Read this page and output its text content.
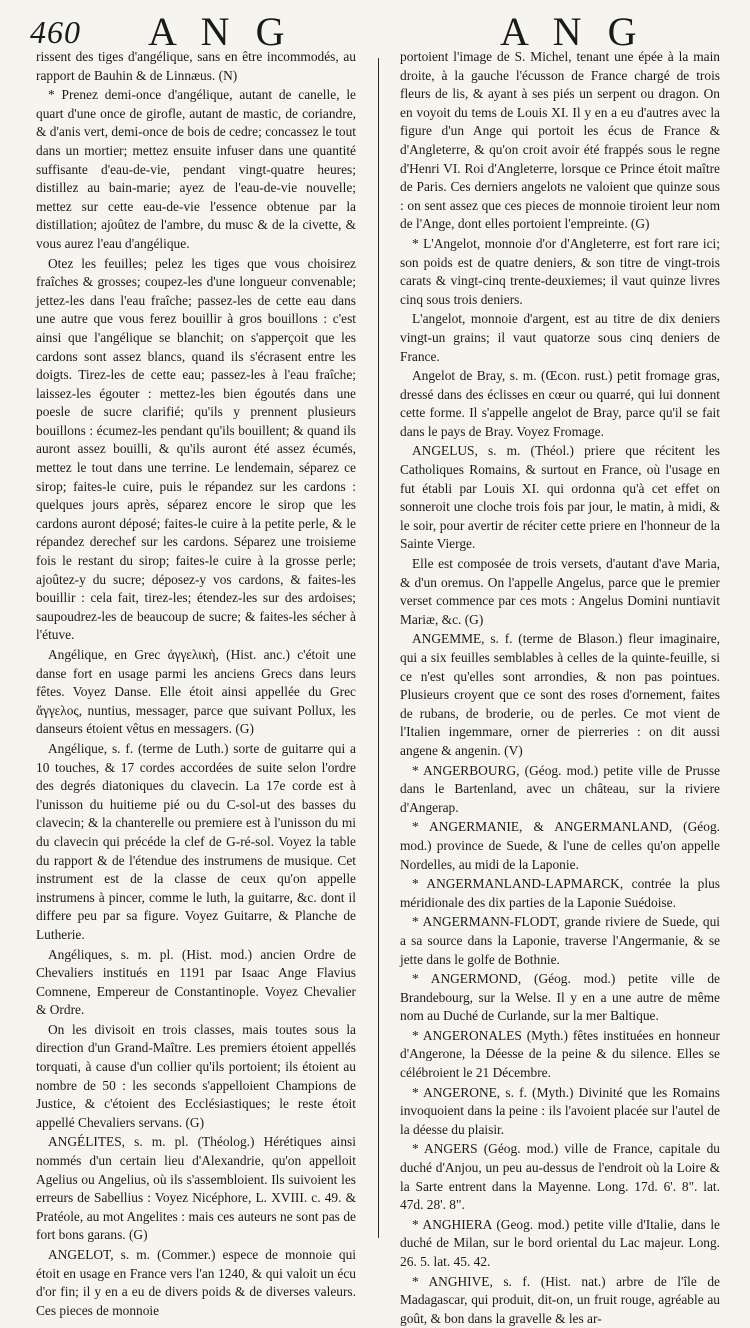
460 A N G	A N G

rissent des tiges d'angélique, sans en être incommodés, au rapport de Bauhin & de Linnæus. (N)

* Prenez demi-once d'angélique, autant de canelle, le quart d'une once de girofle, autant de mastic, de coriandre, & d'anis vert, demi-once de bois de cedre; concassez le tout dans un mortier; mettez ensuite infuser dans une quantité suffisante d'eau-de-vie, pendant vingt-quatre heures; distillez au bain-marie; ayez de l'eau-de-vie nouvelle; mettez sur cette eau-de-vie l'essence obtenue par la distillation; ajoûtez de l'ambre, du musc & de la civette, & vous aurez l'eau d'angélique.

Otez les feuilles; pelez les tiges que vous choisirez fraîches & grosses; coupez-les d'une longueur convenable; jettez-les dans l'eau fraîche; passez-les de cette eau dans une autre que vous ferez bouillir à gros bouillons : c'est ainsi que l'angélique se blanchit; on s'apperçoit que les cardons sont assez blancs, quand ils s'écrasent entre les doigts. Tirez-les de cette eau; passez-les à l'eau fraîche; laissez-les égouter : mettez-les bien égoutés dans une poesle de sucre clarifié; qu'ils y prennent plusieurs bouillons : écumez-les pendant qu'ils bouillent; & quand ils auront assez bouilli, & qu'ils auront été assez écumés, mettez le tout dans une terrine. Le lendemain, séparez ce sirop; faites-le cuire, puis le répandez sur les cardons : quelques jours après, séparez encore le sirop que les cardons auront déposé; faites-le cuire à la petite perle, & le répandez derechef sur les cardons. Séparez une troisieme fois le restant du sirop; faites-le cuire à la grosse perle; ajoûtez-y du sucre; déposez-y vos cardons, & faites-les bouillir : cela fait, tirez-les; étendez-les sur des ardoises; saupoudrez-les de beaucoup de sucre; & faites-les sécher à l'étuve.

Angélique, en Grec ἀγγελικὴ, (Hist. anc.) c'étoit une danse fort en usage parmi les anciens Grecs dans leurs fêtes. Voyez Danse. Elle étoit ainsi appellée du Grec ἄγγελος, nuntius, messager, parce que suivant Pollux, les danseurs étoient vêtus en messagers. (G)

Angélique, s. f. (terme de Luth.) sorte de guitarre qui a 10 touches, & 17 cordes accordées de suite selon l'ordre des degrés diatoniques du clavecin. La 17e corde est à l'unisson du huitieme pié ou du C-sol-ut des basses du clavecin; & la chanterelle ou premiere est à l'unisson du mi du clavecin qui précéde la clef de G-ré-sol. Voyez la table du rapport & de l'étendue des instrumens de musique. Cet instrument est de la classe de ceux qu'on appelle instrumens à pincer, comme le luth, la guitarre, &c. dont il differe peu par sa figure. Voyez Guitarre, & Planche de Lutherie.

Angéliques, s. m. pl. (Hist. mod.) ancien Ordre de Chevaliers institués en 1191 par Isaac Ange Flavius Comnene, Empereur de Constantinople. Voyez Chevalier & Ordre.

On les divisoit en trois classes, mais toutes sous la direction d'un Grand-Maître. Les premiers étoient appellés torquati, à cause d'un collier qu'ils portoient; ils étoient au nombre de 50 : les seconds s'appelloient Champions de Justice, & c'étoient des Ecclésiastiques; le reste étoit appellé Chevaliers servans. (G)

ANGÉLITES, s. m. pl. (Théolog.) Hérétiques ainsi nommés d'un certain lieu d'Alexandrie, qu'on appelloit Agelius ou Angelius, où ils s'assembloient. Ils suivoient les erreurs de Sabellius : Voyez Nicéphore, L. XVIII. c. 49. & Pratéole, au mot Angelites : mais ces auteurs ne sont pas de fort bons garans. (G)

ANGELOT, s. m. (Commer.) espece de monnoie qui étoit en usage en France vers l'an 1240, & qui valoit un écu d'or fin; il y en a eu de divers poids & de diverses valeurs. Ces pieces de monnoie

portoient l'image de S. Michel, tenant une épée à la main droite, à la gauche l'écusson de France chargé de trois fleurs de lis, & ayant à ses piés un serpent ou dragon. On en voyoit du tems de Louis XI. Il y en a eu d'autres avec la figure d'un Ange qui portoit les écus de France & d'Angleterre, & qu'on croit avoir été frappés sous le regne d'Henri VI. Roi d'Angleterre, lorsque ce Prince étoit maître de Paris. Ces derniers angelots ne valoient que quinze sous : on sent assez que ces pieces de monnoie tiroient leur nom de l'Ange, dont elles portoient l'empreinte. (G)

* L'Angelot, monnoie d'or d'Angleterre, est fort rare ici; son poids est de quatre deniers, & son titre de vingt-trois carats & vingt-cinq trente-deuxiemes; il vaut quinze livres cinq sous trois deniers.

L'angelot, monnoie d'argent, est au titre de dix deniers vingt-un grains; il vaut quatorze sous cinq deniers de France.

Angelot de Bray, s. m. (Œcon. rust.) petit fromage gras, dressé dans des éclisses en cœur ou quarré, qui lui donnent cette forme. Il s'appelle angelot de Bray, parce qu'il se fait dans le pays de Bray. Voyez Fromage.

ANGELUS, s. m. (Théol.) priere que récitent les Catholiques Romains, & surtout en France, où l'usage en fut établi par Louis XI. qui ordonna qu'à cet effet on sonneroit une cloche trois fois par jour, le matin, à midi, & le soir, pour avertir de réciter cette priere en l'honneur de la Sainte Vierge.

Elle est composée de trois versets, d'autant d'ave Maria, & d'un oremus. On l'appelle Angelus, parce que le premier verset commence par ces mots : Angelus Domini nuntiavit Mariæ, &c. (G)

ANGEMME, s. f. (terme de Blason.) fleur imaginaire, qui a six feuilles semblables à celles de la quinte-feuille, si ce n'est qu'elles sont arrondies, & non pas pointues. Plusieurs croyent que ce sont des roses d'ornement, faites de rubans, de broderie, ou de perles. Ce mot vient de l'Italien ingemmare, orner de pierreries : on dit aussi angene & angenin. (V)

* ANGERBOURG, (Géog. mod.) petite ville de Prusse dans le Bartenland, avec un château, sur la riviere d'Angerap.

* ANGERMANIE, & ANGERMANLAND, (Géog. mod.) province de Suede, & l'une de celles qu'on appelle Nordelles, au midi de la Laponie.

* ANGERMANLAND-LAPMARCK, contrée la plus méridionale des dix parties de la Laponie Suédoise.

* ANGERMANN-FLODT, grande riviere de Suede, qui a sa source dans la Laponie, traverse l'Angermanie, & se jette dans le golfe de Bothnie.

* ANGERMOND, (Géog. mod.) petite ville de Brandebourg, sur la Welse. Il y en a une autre de même nom au Duché de Curlande, sur la mer Baltique.

* ANGERONALES (Myth.) fêtes instituées en honneur d'Angerone, la Déesse de la peine & du silence. Elles se célébroient le 21 Décembre.

* ANGERONE, s. f. (Myth.) Divinité que les Romains invoquoient dans la peine : ils l'avoient placée sur l'autel de la déesse du plaisir.

* ANGERS (Géog. mod.) ville de France, capitale du duché d'Anjou, un peu au-dessus de l'endroit où la Loire & la Sarte entrent dans la Mayenne. Long. 17d. 6'. 8". lat. 47d. 28'. 8".

* ANGHIERA (Geog. mod.) petite ville d'Italie, dans le duché de Milan, sur le bord oriental du Lac majeur. Long. 26. 5. lat. 45. 42.

* ANGHIVE, s. f. (Hist. nat.) arbre de l'île de Madagascar, qui produit, dit-on, un fruit rouge, agréable au goût, & bon dans la gravelle & les ar-
